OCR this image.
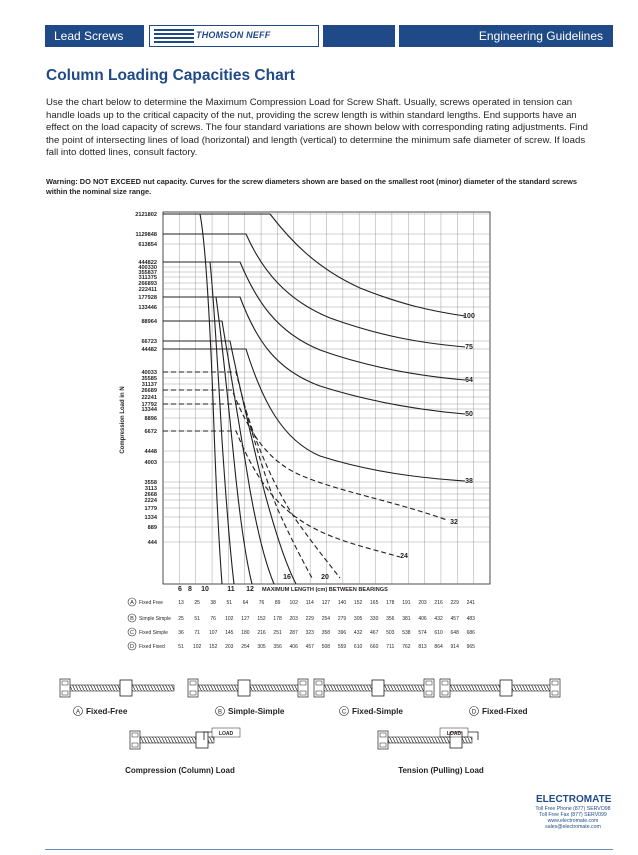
Lead Screws	THOMSON NEFF	Engineering Guidelines
Column Loading Capacities Chart
Use the chart below to determine the Maximum Compression Load for Screw Shaft. Usually, screws operated in tension can handle loads up to the critical capacity of the nut, providing the screw length is within standard lengths. End supports have an effect on the load capacity of screws. The four standard variations are shown below with corresponding rating adjustments. Find the point of intersecting lines of load (horizontal) and length (vertical) to determine the minimum safe diameter of screw. If loads fall into dotted lines, consult factory.
Warning: DO NOT EXCEED nut capacity. Curves for the screw diameters shown are based on the smallest root (minor) diameter of the standard screws within the nominal size range.
2121802
1129848
613854
444822
400330
355837
311375
266893
222411
177928
133446
88964
66723
44482
40033
35585
31137
26689
22241
17792
13344
8896
6672
4448
4003
3558
3113
2668
2224
1779
1334
889
444
Compression Load in N
6 8 10	11 12
16	20
24
32
38
50
64
75
100
MAXIMUM LENGTH (cm) BETWEEN BEARINGS
A Fixed Free	13 25 38 51 64 76 89 102 114 127 140 152 165 178 191 203 216 229 241
B Simple Simple 25 51 76 102 127 152 178 203 229 254 279 305 330 356 381 406 432 457 483
C Fixed Simple 36 71 107 145 180 216 251 287 323 358 396 432 467 503 538 574 610 648 686
D Fixed Fixed	51 102 152 203 254 305 356 406 457 508 559 610 660 711 762 813 864 914 965
A Fixed-Free	B Simple-Simple	C Fixed-Simple	D Fixed-Fixed
LOAD	LOAD
Compression (Column) Load	Tension (Pulling) Load
ELECTROMATE
Toll Free Phone (877) SERVO98
Toll Free Fax (877) SERV099
www.electromate.com
sales@electromate.com
